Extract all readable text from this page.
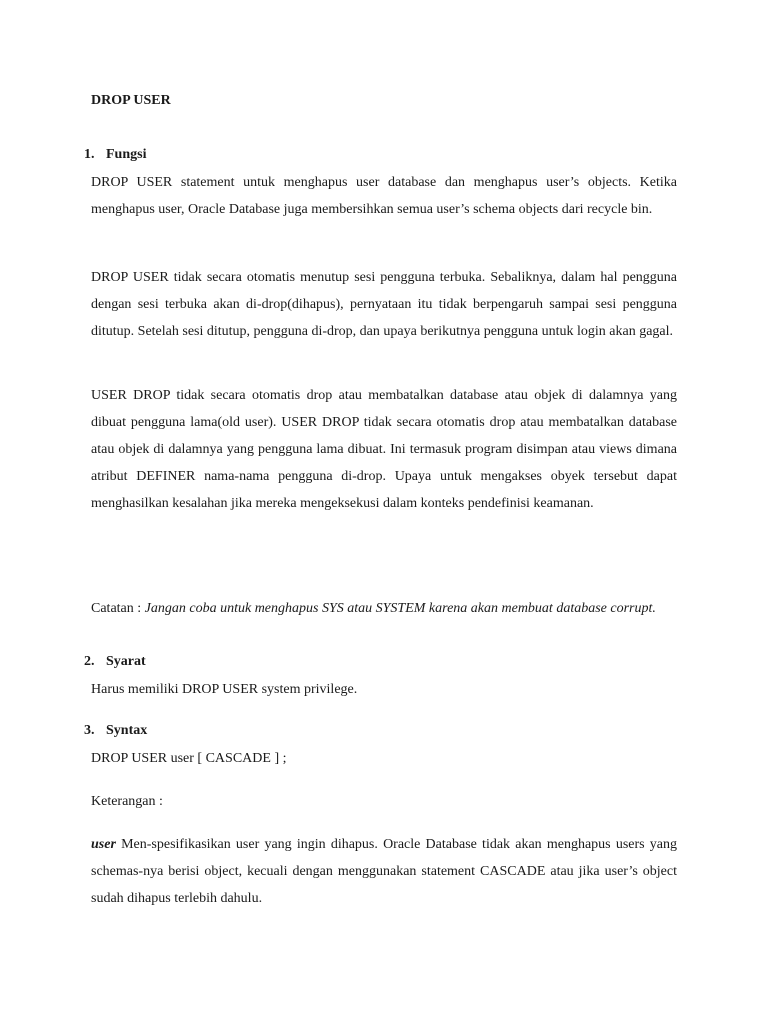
DROP USER
1. Fungsi
DROP USER statement untuk menghapus user database dan menghapus user’s objects. Ketika menghapus user, Oracle Database juga membersihkan semua user’s schema objects dari recycle bin.
DROP USER tidak secara otomatis menutup sesi pengguna terbuka. Sebaliknya, dalam hal pengguna dengan sesi terbuka akan di-drop(dihapus), pernyataan itu tidak berpengaruh sampai sesi pengguna ditutup. Setelah sesi ditutup, pengguna di-drop, dan upaya berikutnya pengguna untuk login akan gagal.
USER DROP tidak secara otomatis drop atau membatalkan database atau objek di dalamnya yang dibuat pengguna lama(old user). USER DROP tidak secara otomatis drop atau membatalkan database atau objek di dalamnya yang pengguna lama dibuat. Ini termasuk program disimpan atau views dimana atribut DEFINER nama-nama pengguna di-drop. Upaya untuk mengakses obyek tersebut dapat menghasilkan kesalahan jika mereka mengeksekusi dalam konteks pendefinisi keamanan.
Catatan : Jangan coba untuk menghapus SYS atau SYSTEM karena akan membuat database corrupt.
2. Syarat
Harus memiliki DROP USER system privilege.
3. Syntax
DROP USER user [ CASCADE ] ;
Keterangan :
user Men-spesifikasikan user yang ingin dihapus. Oracle Database tidak akan menghapus users yang schemas-nya berisi object, kecuali dengan menggunakan statement CASCADE atau jika user’s object sudah dihapus terlebih dahulu.
